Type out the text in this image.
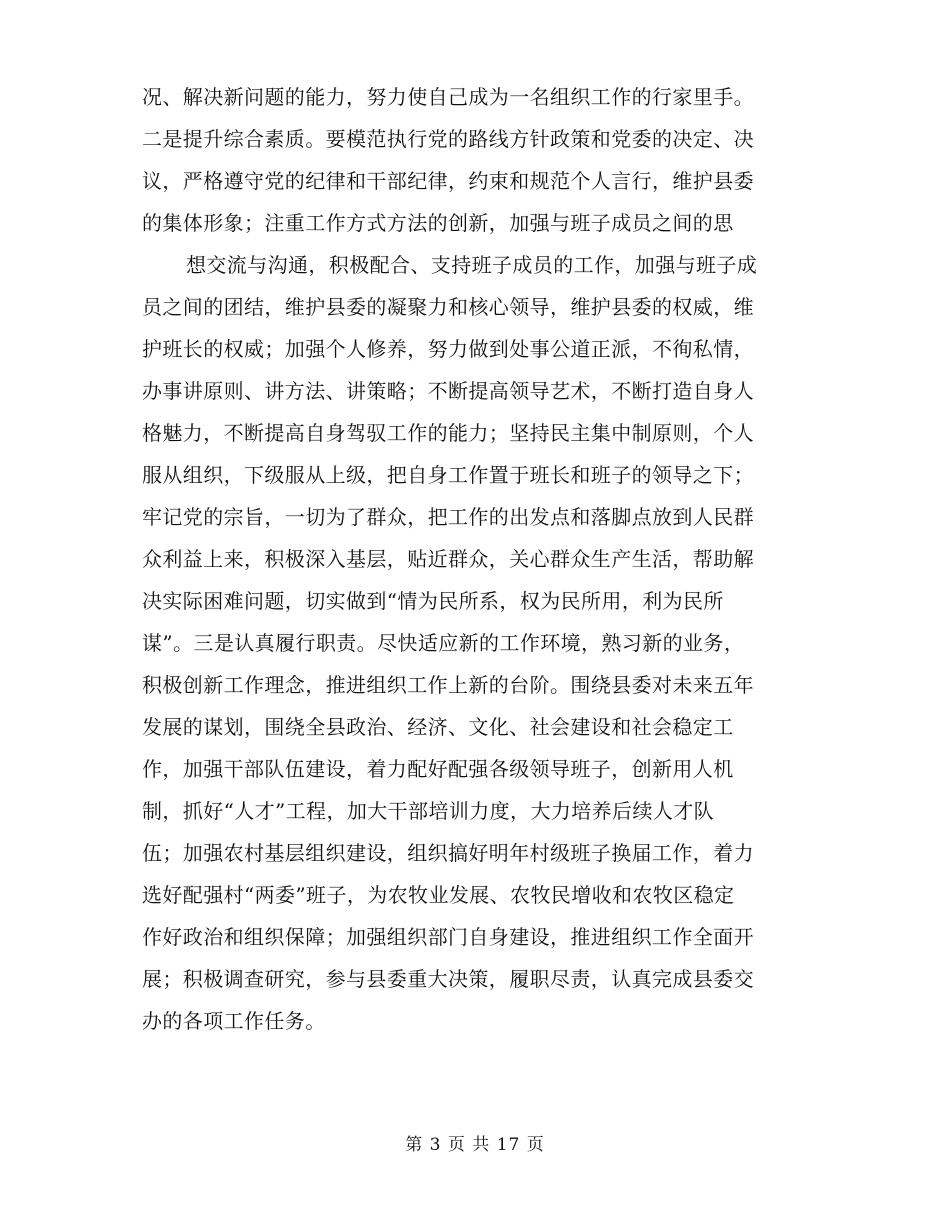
况、解决新问题的能力，努力使自己成为一名组织工作的行家里手。
二是提升综合素质。要模范执行党的路线方针政策和党委的决定、决
议，严格遵守党的纪律和干部纪律，约束和规范个人言行，维护县委
的集体形象；注重工作方式方法的创新，加强与班子成员之间的思
想交流与沟通，积极配合、支持班子成员的工作，加强与班子成
员之间的团结，维护县委的凝聚力和核心领导，维护县委的权威，维
护班长的权威；加强个人修养，努力做到处事公道正派，不徇私情，
办事讲原则、讲方法、讲策略；不断提高领导艺术，不断打造自身人
格魅力，不断提高自身驾驭工作的能力；坚持民主集中制原则，个人
服从组织，下级服从上级，把自身工作置于班长和班子的领导之下；
牢记党的宗旨，一切为了群众，把工作的出发点和落脚点放到人民群
众利益上来，积极深入基层，贴近群众，关心群众生产生活，帮助解
决实际困难问题，切实做到“情为民所系，权为民所用，利为民所
谋”。三是认真履行职责。尽快适应新的工作环境，熟习新的业务，
积极创新工作理念，推进组织工作上新的台阶。围绕县委对未来五年
发展的谋划，围绕全县政治、经济、文化、社会建设和社会稳定工
作，加强干部队伍建设，着力配好配强各级领导班子，创新用人机
制，抓好“人才”工程，加大干部培训力度，大力培养后续人才队
伍；加强农村基层组织建设，组织搞好明年村级班子换届工作，着力
选好配强村“两委”班子，为农牧业发展、农牧民增收和农牧区稳定
作好政治和组织保障；加强组织部门自身建设，推进组织工作全面开
展；积极调查研究，参与县委重大决策，履职尽责，认真完成县委交
办的各项工作任务。
第 3 页 共 17 页
